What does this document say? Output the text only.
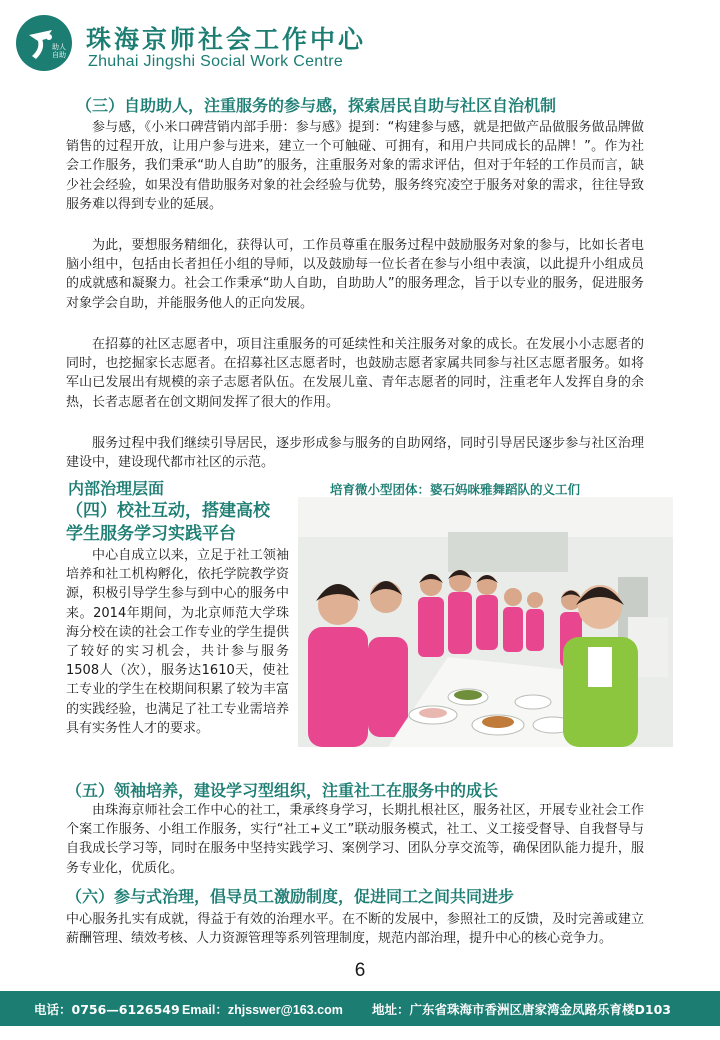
助人
自助
珠海京师社会工作中心
Zhuhai Jingshi Social Work Centre
（三）自助助人，注重服务的参与感，探索居民自助与社区自治机制
参与感，《小米口碑营销内部手册：参与感》提到：“构建参与感，就是把做产品做服务做品牌做销售的过程开放，让用户参与进来，建立一个可触碰、可拥有，和用户共同成长的品牌！”。作为社会工作服务，我们秉承“助人自助”的服务，注重服务对象的需求评估，但对于年轻的工作员而言，缺少社会经验，如果没有借助服务对象的社会经验与优势，服务终究凌空于服务对象的需求，往往导致服务难以得到专业的延展。
为此，要想服务精细化，获得认可，工作员尊重在服务过程中鼓励服务对象的参与，比如长者电脑小组中，包括由长者担任小组的导师，以及鼓励每一位长者在参与小组中表演，以此提升小组成员的成就感和凝聚力。社会工作秉承“助人自助，自助助人”的服务理念，旨于以专业的服务，促进服务对象学会自助，并能服务他人的正向发展。
在招募的社区志愿者中，项目注重服务的可延续性和关注服务对象的成长。在发展小小志愿者的同时，也挖掘家长志愿者。在招募社区志愿者时，也鼓励志愿者家属共同参与社区志愿者服务。如将军山已发展出有规模的亲子志愿者队伍。在发展儿童、青年志愿者的同时，注重老年人发挥自身的余热，长者志愿者在创文期间发挥了很大的作用。
服务过程中我们继续引导居民，逐步形成参与服务的自助网络，同时引导居民逐步参与社区治理建设中，建设现代都市社区的示范。
内部治理层面	培育微小型团体：婆石妈咪雅舞蹈队的义工们
（四）校社互动，搭建高校
学生服务学习实践平台
中心自成立以来，立足于社工领袖培养和社工机构孵化，依托学院教学资源，积极引导学生参与到中心的服务中来。2014年期间，为北京师范大学珠海分校在读的社会工作专业的学生提供了较好的实习机会，共计参与服务1508人（次），服务达1610天，使社工专业的学生在校期间积累了较为丰富的实践经验，也满足了社工专业需培养具有实务性人才的要求。
（五）领袖培养，建设学习型组织，注重社工在服务中的成长
由珠海京师社会工作中心的社工，秉承终身学习，长期扎根社区，服务社区，开展专业社会工作个案工作服务、小组工作服务，实行“社工+义工”联动服务模式，社工、义工接受督导、自我督导与自我成长学习等，同时在服务中坚持实践学习、案例学习、团队分享交流等，确保团队能力提升，服务专业化，优质化。
（六）参与式治理，倡导员工激励制度，促进同工之间共同进步
中心服务扎实有成就，得益于有效的治理水平。在不断的发展中，参照社工的反馈，及时完善或建立薪酬管理、绩效考核、人力资源管理等系列管理制度，规范内部治理，提升中心的核心竞争力。
6
电话：0756—6126549 Email：zhjsswer@163.com 地址：广东省珠海市香洲区唐家湾金凤路乐育楼D103
